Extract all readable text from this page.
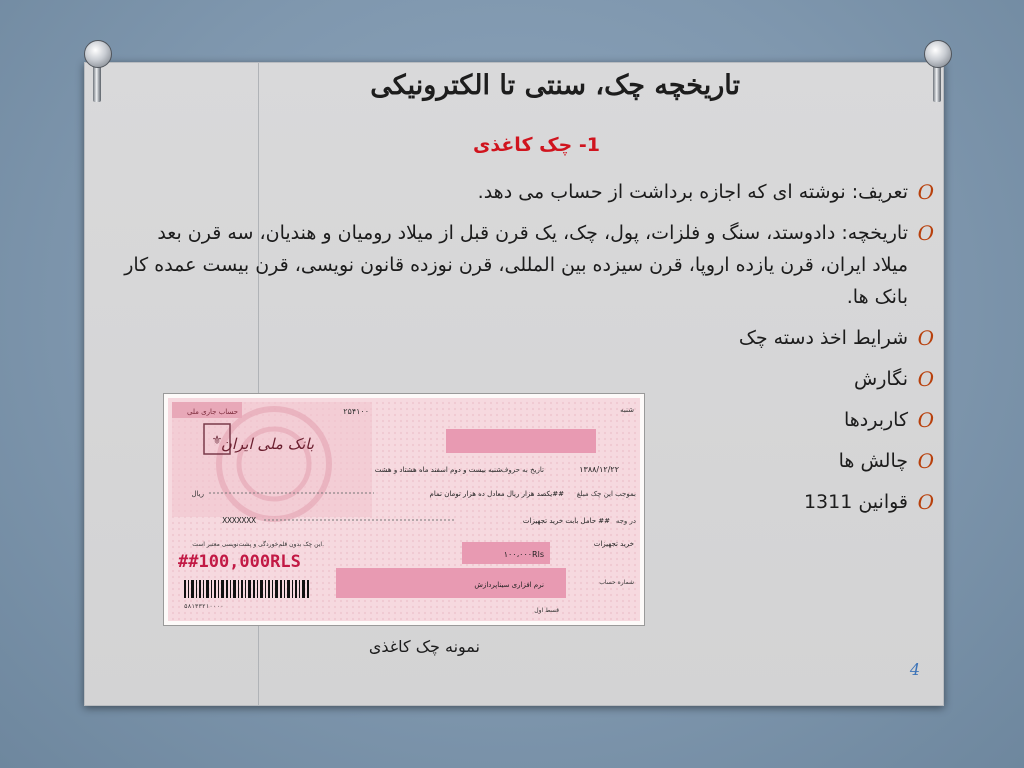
تاریخچه چک، سنتی تا الکترونیکی
1- چک کاغذی
O
تعریف: نوشته ای که اجازه برداشت از حساب می دهد.
O
تاریخچه: دادوستد، سنگ و فلزات، پول، چک، یک قرن قبل از میلاد رومیان و هندیان، سه قرن بعد میلاد ایران، قرن یازده اروپا، قرن سیزده بین المللی، قرن نوزده قانون نویسی، قرن بیست عمده کار بانک ها.
O
شرایط اخذ دسته چک
O
نگارش
O
کاربردها
O
چالش ها
O
قوانین 1311
حساب جاری ملی
⚜
بانک ملی ایران
۲۵۴۱۰۰	شنبه
۱۳۸۸/۱۲/۲۲
تاریخ به حروف
شنبه بیست و دوم اسفند ماه هشتاد و هشت
بموجب این چک مبلغ
یکصد هزار ریال معادل ده هزار تومان تمام##
ریال
در وجه
حامل بابت خرید تجهیزات ##
XXXXXXX
این چک بدون قلم‌خوردگی و پشت‌نویسی معتبر است.
##100,000RLS
۵۸۱۳۳۲۱۰۰۰۰
خرید تجهیزات
۱۰۰،۰۰۰Rls
شماره حساب
نرم افزاری سیناپردازش
قسط اول
نمونه چک کاغذی
4
